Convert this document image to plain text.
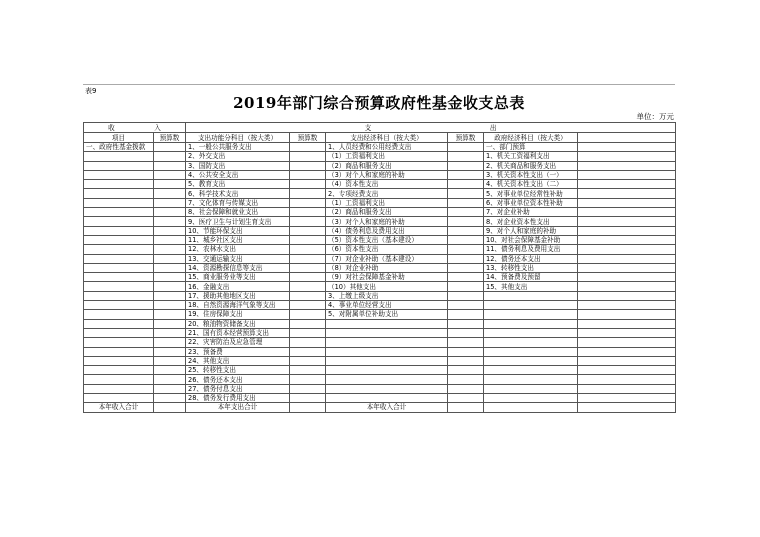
表9
2019年部门综合预算政府性基金收支总表
单位：万元
收　　　　　　入		支　　　　　　　　　　　　　　　　　　出					
项目	预算数	支出功能分科目（按大类）	预算数	支出经济科目（按大类）	预算数	政府经济科目（按大类）	
一、政府性基金拨款		1、一般公共服务支出		1、人员经费和公用经费支出		一、部门预算	
		2、外交支出		（1）工资福利支出		1、机关工资福利支出	
		3、国防支出		（2）商品和服务支出		2、机关商品和服务支出	
		4、公共安全支出		（3）对个人和家庭的补助		3、机关资本性支出（一）	
		5、教育支出		（4）资本性支出		4、机关资本性支出（二）	
		6、科学技术支出		2、专项经费支出		5、对事业单位经常性补助	
		7、文化体育与传媒支出		（1）工资福利支出		6、对事业单位资本性补助	
		8、社会保障和就业支出		（2）商品和服务支出		7、对企业补助	
		9、医疗卫生与计划生育支出		（3）对个人和家庭的补助		8、对企业资本性支出	
		10、节能环保支出		（4）债务利息及费用支出		9、对个人和家庭的补助	
		11、城乡社区支出		（5）资本性支出（基本建设）		10、对社会保障基金补助	
		12、农林水支出		（6）资本性支出		11、债务利息及费用支出	
		13、交通运输支出		（7）对企业补助（基本建设）		12、债务还本支出	
		14、资源勘探信息等支出		（8）对企业补助		13、转移性支出	
		15、商业服务业等支出		（9）对社会保障基金补助		14、预备费及预留	
		16、金融支出		（10）其他支出		15、其他支出	
		17、援助其他地区支出		3、上缴上级支出			
		18、自然资源海洋气象等支出		4、事业单位经营支出			
		19、住房保障支出		5、对附属单位补助支出			
		20、粮油物资储备支出					
		21、国有资本经营预算支出					
		22、灾害防治及应急管理					
		23、预备费					
		24、其他支出					
		25、转移性支出					
		26、债务还本支出					
		27、债务付息支出					
		28、债务发行费用支出					
本年收入合计		本年支出合计		本年收入合计			
